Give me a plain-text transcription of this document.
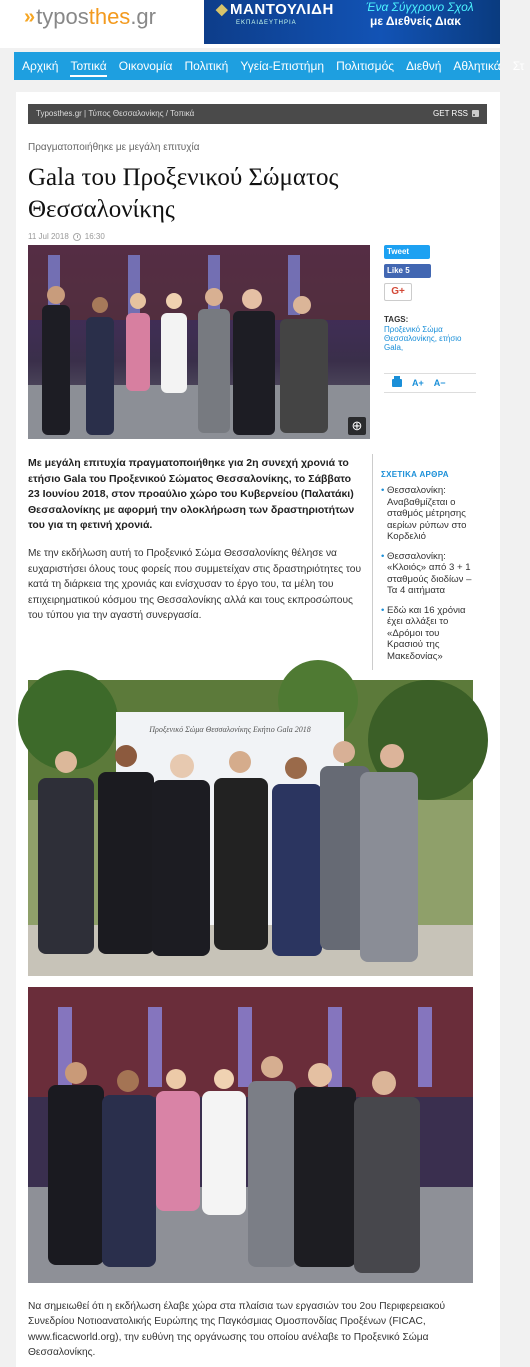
» typos thes .gr	◆ ΜΑΝΤΟΥΛΙΔΗ
ΕΚΠΑΙΔΕΥΤΗΡΙΑ
Ένα Σύγχρονο Σχολ
με Διεθνείς Διακ
Αρχική	Τοπικά	Οικονομία	Πολιτική	Υγεία-Επιστήμη	Πολιτισμός	Διεθνή	Αθλητικά	Στ
Typosthes.gr | Τύπος Θεσσαλονίκης / Τοπικά	GET RSS
Πραγματοποιήθηκε με μεγάλη επιτυχία
Gala του Προξενικού Σώματος Θεσσαλονίκης
11 Jul 2018 16:30
⊕
Tweet
Like 5
G+
TAGS:
Προξενικό Σώμα Θεσσαλονίκης, ετήσιο Gala,
A+ A−

Με μεγάλη επιτυχία πραγματοποιήθηκε για 2η συνεχή χρονιά το ετήσιο Gala του Προξενικού Σώματος Θεσσαλονίκης, το Σάββατο 23 Ιουνίου 2018, στον προαύλιο χώρο του Κυβερνείου (Παλατάκι) Θεσσαλονίκης με αφορμή την ολοκλήρωση των δραστηριοτήτων του για τη φετινή χρονιά.

Με την εκδήλωση αυτή το Προξενικό Σώμα Θεσσαλονίκης θέλησε να ευχαριστήσει όλους τους φορείς που συμμετείχαν στις δραστηριότητες του κατά τη διάρκεια της χρονιάς και ενίσχυσαν το έργο του, τα μέλη του επιχειρηματικού κόσμου της Θεσσαλονίκης αλλά και τους εκπροσώπους του τύπου για την αγαστή συνεργασία.

ΣΧΕΤΙΚΑ ΑΡΘΡΑ
• Θεσσαλονίκη: Αναβαθμίζεται ο σταθμός μέτρησης αερίων ρύπων στο Κορδελιό
• Θεσσαλονίκη: «Κλοιός» από 3 + 1 σταθμούς διοδίων – Τα 4 αιτήματα
• Εδώ και 16 χρόνια έχει αλλάξει το «Δρόμοι του Κρασιού της Μακεδονίας»
Προξενικό Σώμα Θεσσαλονίκης Εκήτιο Gala 2018

Να σημειωθεί ότι η εκδήλωση έλαβε χώρα στα πλαίσια των εργασιών του 2ου Περιφερειακού Συνεδρίου Νοτιοανατολικής Ευρώπης της Παγκόσμιας Ομοσπονδίας Προξένων (FICAC, www.ficacworld.org), την ευθύνη της οργάνωσης του οποίου ανέλαβε το Προξενικό Σώμα Θεσσαλονίκης.
